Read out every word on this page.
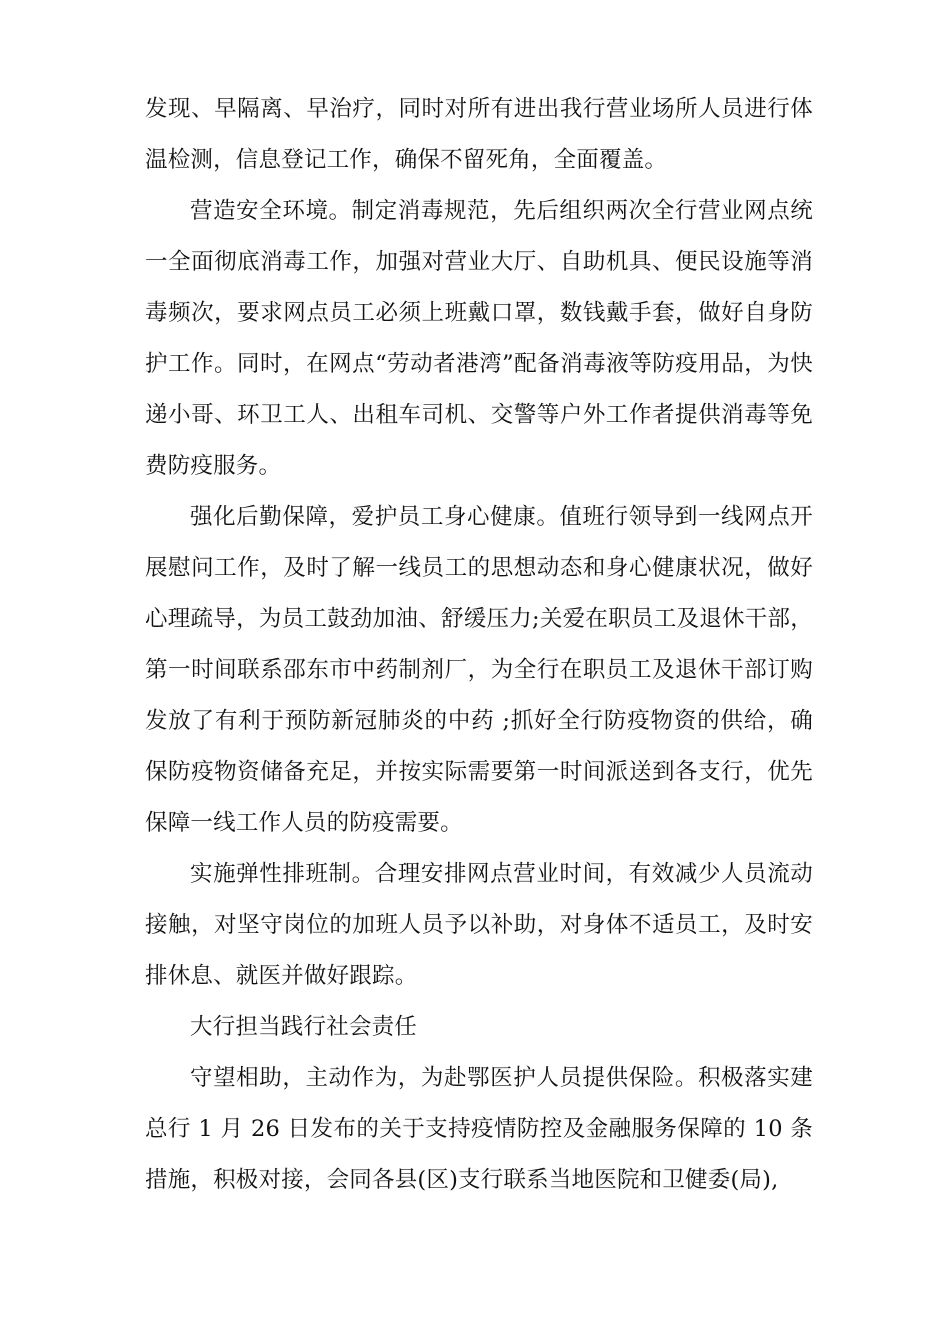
发现、早隔离、早治疗，同时对所有进出我行营业场所人员进行体温检测，信息登记工作，确保不留死角，全面覆盖。

营造安全环境。制定消毒规范，先后组织两次全行营业网点统一全面彻底消毒工作，加强对营业大厅、自助机具、便民设施等消毒频次，要求网点员工必须上班戴口罩，数钱戴手套，做好自身防护工作。同时，在网点“劳动者港湾”配备消毒液等防疫用品，为快递小哥、环卫工人、出租车司机、交警等户外工作者提供消毒等免费防疫服务。

强化后勤保障，爱护员工身心健康。值班行领导到一线网点开展慰问工作，及时了解一线员工的思想动态和身心健康状况，做好心理疏导，为员工鼓劲加油、舒缓压力;关爱在职员工及退休干部，第一时间联系邵东市中药制剂厂，为全行在职员工及退休干部订购发放了有利于预防新冠肺炎的中药 ;抓好全行防疫物资的供给，确保防疫物资储备充足，并按实际需要第一时间派送到各支行，优先保障一线工作人员的防疫需要。

实施弹性排班制。合理安排网点营业时间，有效减少人员流动接触，对坚守岗位的加班人员予以补助，对身体不适员工，及时安排休息、就医并做好跟踪。

大行担当践行社会责任

守望相助，主动作为，为赴鄂医护人员提供保险。积极落实建总行 1 月 26 日发布的关于支持疫情防控及金融服务保障的 10 条措施，积极对接，会同各县(区)支行联系当地医院和卫健委(局),
